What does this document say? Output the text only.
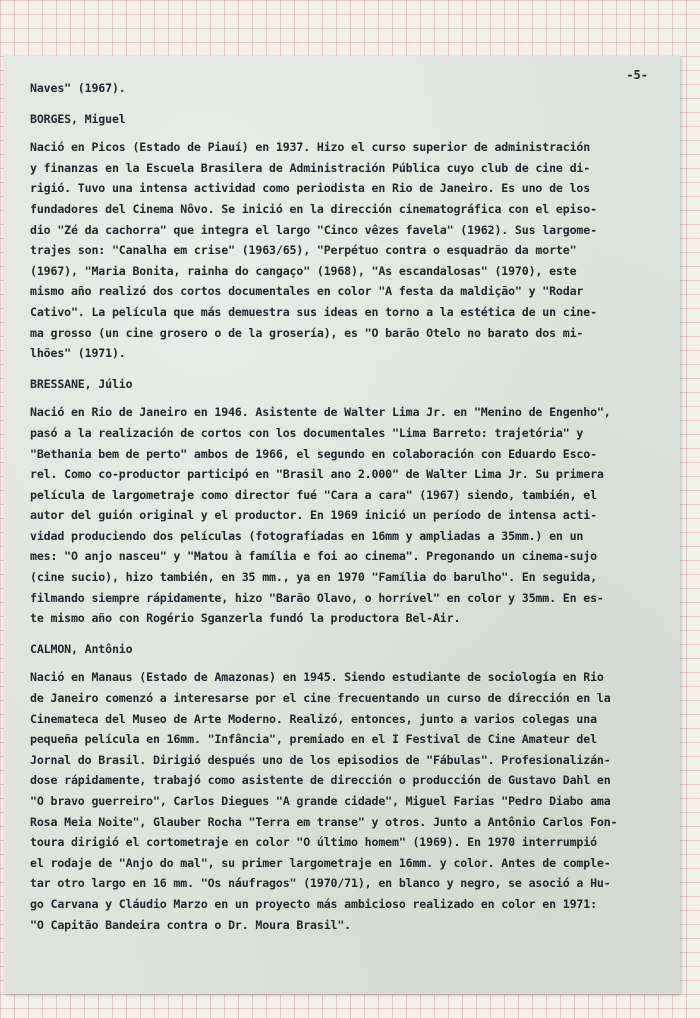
-5-
Naves" (1967).
BORGES, Miguel
Nació en Picos (Estado de Piauí) en 1937. Hizo el curso superior de administración
y finanzas en la Escuela Brasilera de Administración Pública cuyo club de cine di-
rigió. Tuvo una intensa actividad como periodista en Rio de Janeiro. Es uno de los
fundadores del Cinema Nôvo. Se inició en la dirección cinematográfica con el episo-
dio "Zé da cachorra" que integra el largo "Cinco vêzes favela" (1962). Sus largome-
trajes son: "Canalha em crise" (1963/65), "Perpétuo contra o esquadrão da morte"
(1967), "Maria Bonita, rainha do cangaço" (1968), "As escandalosas" (1970), este
mismo año realizó dos cortos documentales en color "A festa da maldição" y "Rodar
Cativo". La película que más demuestra sus ideas en torno a la estética de un cine-
ma grosso (un cine grosero o de la grosería), es "O barão Otelo no barato dos mi-
lhões" (1971).
BRESSANE, Júlio
Nació en Rio de Janeiro en 1946. Asistente de Walter Lima Jr. en "Menino de Engenho",
pasó a la realización de cortos con los documentales "Lima Barreto: trajetória" y
"Bethania bem de perto" ambos de 1966, el segundo en colaboración con Eduardo Esco-
rel. Como co-productor participó en "Brasil ano 2.000" de Walter Lima Jr. Su primera
película de largometraje como director fué "Cara a cara" (1967) siendo, también, el
autor del guión original y el productor. En 1969 inició un período de intensa acti-
vidad produciendo dos películas (fotografiadas en 16mm y ampliadas a 35mm.) en un
mes: "O anjo nasceu" y "Matou à família e foi ao cinema". Pregonando un cinema-sujo
(cine sucio), hizo también, en 35 mm., ya en 1970 "Família do barulho". En seguida,
filmando siempre rápidamente, hizo "Barão Olavo, o horrível" en color y 35mm. En es-
te mismo año con Rogério Sganzerla fundó la productora Bel-Air.
CALMON, Antônio
Nació en Manaus (Estado de Amazonas) en 1945. Siendo estudiante de sociología en Rio
de Janeiro comenzó a interesarse por el cine frecuentando un curso de dirección en la
Cinemateca del Museo de Arte Moderno. Realizó, entonces, junto a varios colegas una
pequeña película en 16mm. "Infância", premiado en el I Festival de Cine Amateur del
Jornal do Brasil. Dirigió después uno de los episodios de "Fábulas". Profesionalizán-
dose rápidamente, trabajó como asistente de dirección o producción de Gustavo Dahl en
"O bravo guerreiro", Carlos Diegues "A grande cidade", Miguel Farias "Pedro Diabo ama
Rosa Meia Noite", Glauber Rocha "Terra em transe" y otros. Junto a Antônio Carlos Fon-
toura dirigió el cortometraje en color "O último homem" (1969). En 1970 interrumpió
el rodaje de "Anjo do mal", su primer largometraje en 16mm. y color. Antes de comple-
tar otro largo en 16 mm. "Os náufragos" (1970/71), en blanco y negro, se asoció a Hu-
go Carvana y Cláudio Marzo en un proyecto más ambicioso realizado en color en 1971:
"O Capitão Bandeira contra o Dr. Moura Brasil".
